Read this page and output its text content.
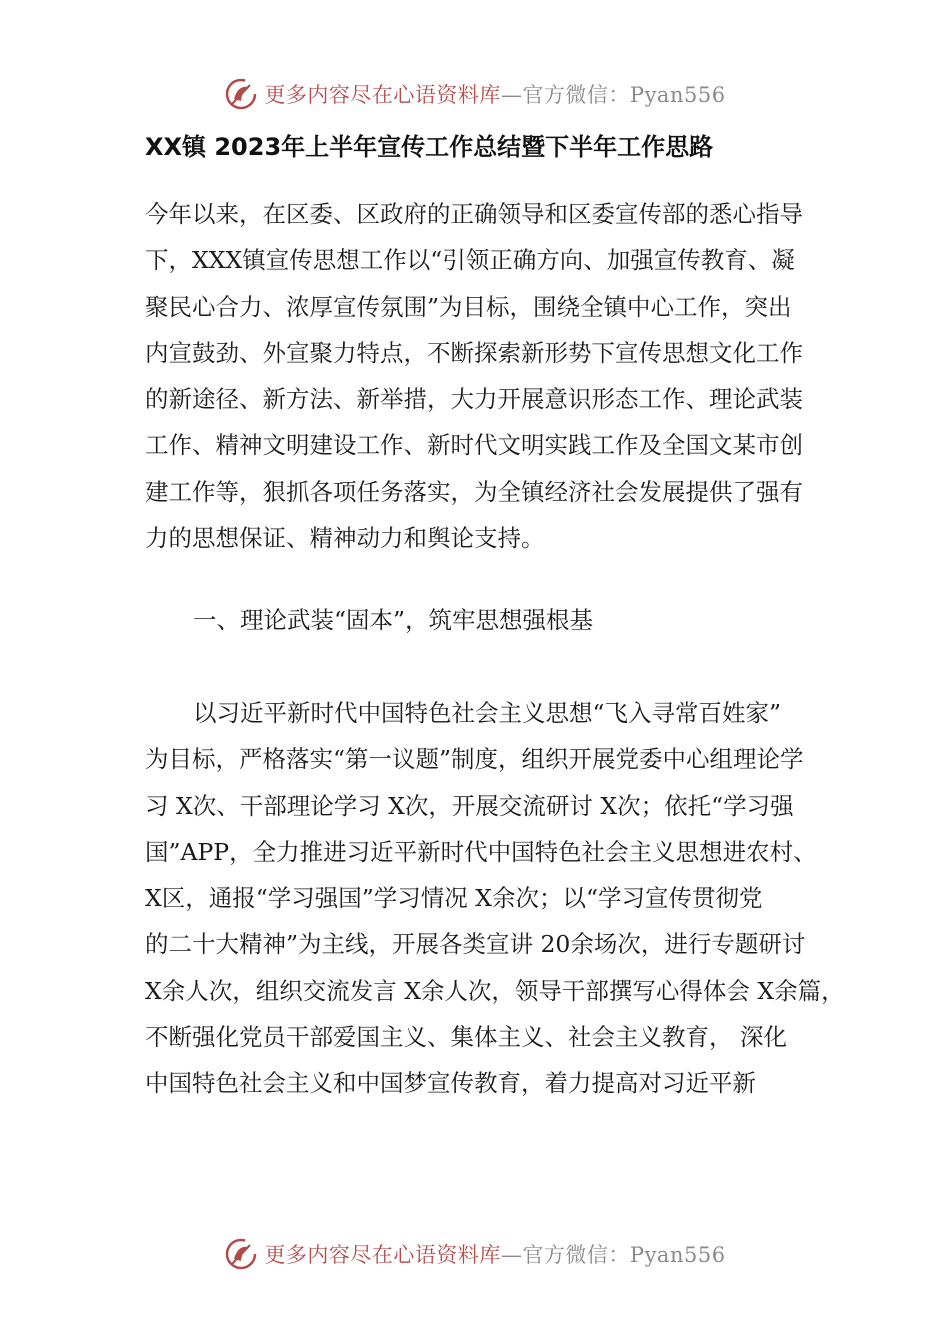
更多内容尽在心语资料库—官方微信：Pyan556
XX镇 2023年上半年宣传工作总结暨下半年工作思路

今年以来，在区委、区政府的正确领导和区委宣传部的悉心指导
下，XXX镇宣传思想工作以“引领正确方向、加强宣传教育、凝
聚民心合力、浓厚宣传氛围”为目标，围绕全镇中心工作，突出
内宣鼓劲、外宣聚力特点，不断探索新形势下宣传思想文化工作
的新途径、新方法、新举措，大力开展意识形态工作、理论武装
工作、精神文明建设工作、新时代文明实践工作及全国文某市创
建工作等，狠抓各项任务落实，为全镇经济社会发展提供了强有
力的思想保证、精神动力和舆论支持。

一、理论武装“固本”，筑牢思想强根基

以习近平新时代中国特色社会主义思想“飞入寻常百姓家”
为目标，严格落实“第一议题”制度，组织开展党委中心组理论学
习 X次、干部理论学习 X次，开展交流研讨 X次；依托“学习强
国”APP，全力推进习近平新时代中国特色社会主义思想进农村、
X区，通报“学习强国”学习情况 X余次；以“学习宣传贯彻党
的二十大精神”为主线，开展各类宣讲 20余场次，进行专题研讨
X余人次，组织交流发言 X余人次，领导干部撰写心得体会 X余篇，
不断强化党员干部爱国主义、集体主义、社会主义教育， 深化
中国特色社会主义和中国梦宣传教育，着力提高对习近平新

更多内容尽在心语资料库—官方微信：Pyan556
